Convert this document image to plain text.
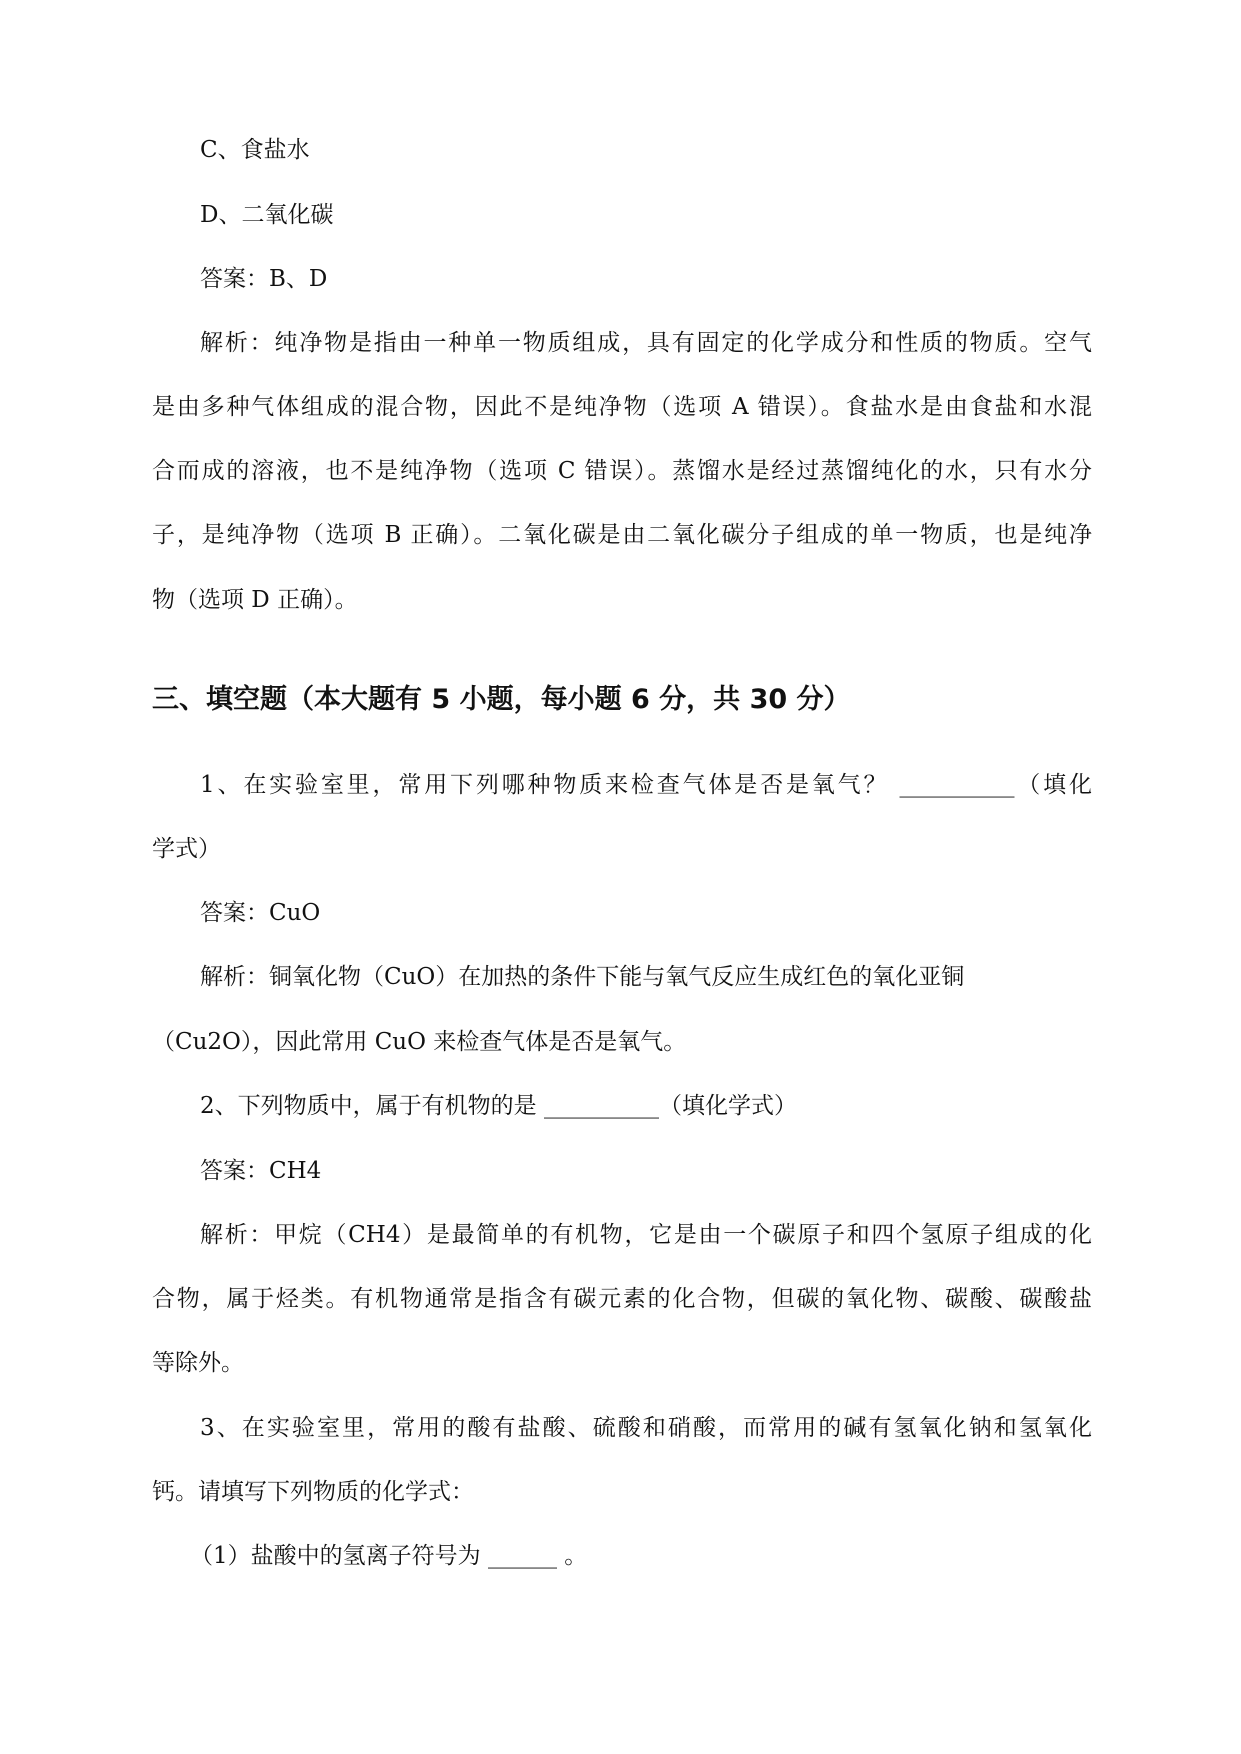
C、食盐水
D、二氧化碳
答案：B、D
解析：纯净物是指由一种单一物质组成，具有固定的化学成分和性质的物质。空气
是由多种气体组成的混合物，因此不是纯净物（选项 A 错误）。食盐水是由食盐和水混
合而成的溶液，也不是纯净物（选项 C 错误）。蒸馏水是经过蒸馏纯化的水，只有水分
子，是纯净物（选项 B 正确）。二氧化碳是由二氧化碳分子组成的单一物质，也是纯净
物（选项 D 正确）。
三、填空题（本大题有 5 小题，每小题 6 分，共 30 分）
1、在实验室里，常用下列哪种物质来检查气体是否是氧气？ __________（填化
学式）
答案：CuO
解析：铜氧化物（CuO）在加热的条件下能与氧气反应生成红色的氧化亚铜
（Cu2O），因此常用 CuO 来检查气体是否是氧气。
2、下列物质中，属于有机物的是 __________（填化学式）
答案：CH4
解析：甲烷（CH4）是最简单的有机物，它是由一个碳原子和四个氢原子组成的化
合物，属于烃类。有机物通常是指含有碳元素的化合物，但碳的氧化物、碳酸、碳酸盐
等除外。
3、在实验室里，常用的酸有盐酸、硫酸和硝酸，而常用的碱有氢氧化钠和氢氧化
钙。请填写下列物质的化学式：
（1）盐酸中的氢离子符号为 ______ 。
